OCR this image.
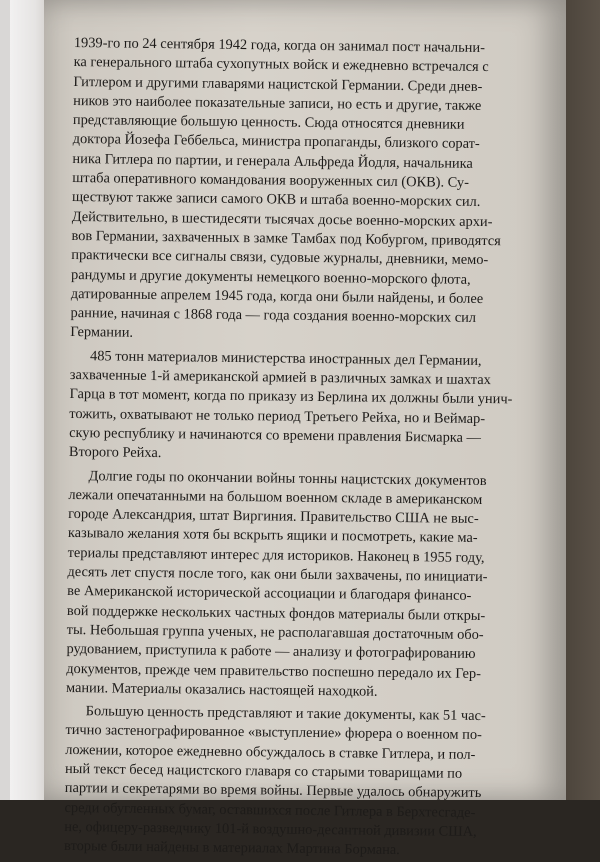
1939-го по 24 сентября 1942 года, когда он занимал пост начальни-
ка генерального штаба сухопутных войск и ежедневно встречался с
Гитлером и другими главарями нацистской Германии. Среди днев-
ников это наиболее показательные записи, но есть и другие, также
представляющие большую ценность. Сюда относятся дневники
доктора Йозефа Геббельса, министра пропаганды, близкого сорат-
ника Гитлера по партии, и генерала Альфреда Йодля, начальника
штаба оперативного командования вооруженных сил (ОКВ). Су-
ществуют также записи самого ОКВ и штаба военно-морских сил.
Действительно, в шестидесяти тысячах досье военно-морских архи-
вов Германии, захваченных в замке Тамбах под Кобургом, приводятся
практически все сигналы связи, судовые журналы, дневники, мемо-
рандумы и другие документы немецкого военно-морского флота,
датированные апрелем 1945 года, когда они были найдены, и более
ранние, начиная с 1868 года — года создания военно-морских сил
Германии.
485 тонн материалов министерства иностранных дел Германии,
захваченные 1-й американской армией в различных замках и шахтах
Гарца в тот момент, когда по приказу из Берлина их должны были унич-
тожить, охватывают не только период Третьего Рейха, но и Веймар-
скую республику и начинаются со времени правления Бисмарка —
Второго Рейха.
Долгие годы по окончании войны тонны нацистских документов
лежали опечатанными на большом военном складе в американском
городе Александрия, штат Виргиния. Правительство США не выс-
казывало желания хотя бы вскрыть ящики и посмотреть, какие ма-
териалы представляют интерес для историков. Наконец в 1955 году,
десять лет спустя после того, как они были захвачены, по инициати-
ве Американской исторической ассоциации и благодаря финансо-
вой поддержке нескольких частных фондов материалы были откры-
ты. Небольшая группа ученых, не располагавшая достаточным обо-
рудованием, приступила к работе — анализу и фотографированию
документов, прежде чем правительство поспешно передало их Гер-
мании. Материалы оказались настоящей находкой.
Большую ценность представляют и такие документы, как 51 час-
тично застенографированное «выступление» фюрера о военном по-
ложении, которое ежедневно обсуждалось в ставке Гитлера, и пол-
ный текст бесед нацистского главаря со старыми товарищами по
партии и секретарями во время войны. Первые удалось обнаружить
среди обугленных бумаг, оставшихся после Гитлера в Берхтесгаде-
не, офицеру-разведчику 101-й воздушно-десантной дивизии США,
вторые были найдены в материалах Мартина Бормана.
